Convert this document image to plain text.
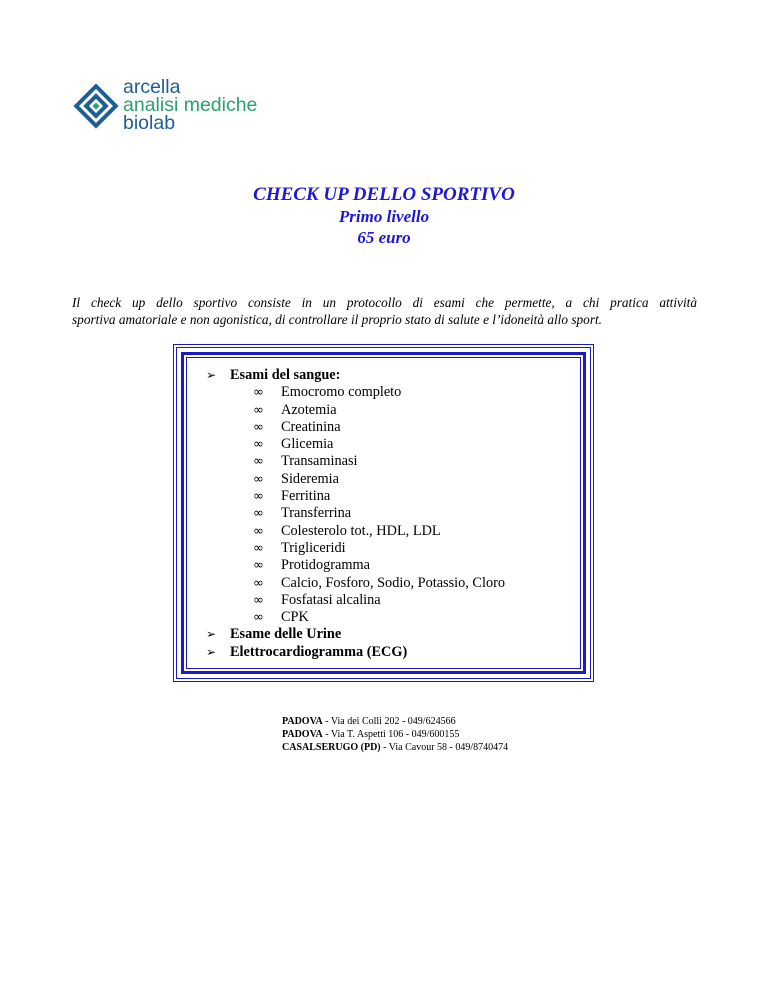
arcella
analisi mediche
biolab
CHECK UP DELLO SPORTIVO
Primo livello
65 euro
Il check up dello sportivo consiste in un protocollo di esami che permette, a chi pratica attività
sportiva amatoriale e non agonistica, di controllare il proprio stato di salute e l’idoneità allo sport.
➢ Esami del sangue:
∞	Emocromo completo
∞	Azotemia
∞	Creatinina
∞	Glicemia
∞	Transaminasi
∞	Sideremia
∞	Ferritina
∞	Transferrina
∞	Colesterolo tot., HDL, LDL
∞	Trigliceridi
∞	Protidogramma
∞	Calcio, Fosforo, Sodio, Potassio, Cloro
∞	Fosfatasi alcalina
∞	CPK
➢ Esame delle Urine
➢ Elettrocardiogramma (ECG)
PADOVA - Via dei Colli 202 - 049/624566
PADOVA - Via T. Aspetti 106 - 049/600155
CASALSERUGO (PD) - Via Cavour 58 - 049/8740474
